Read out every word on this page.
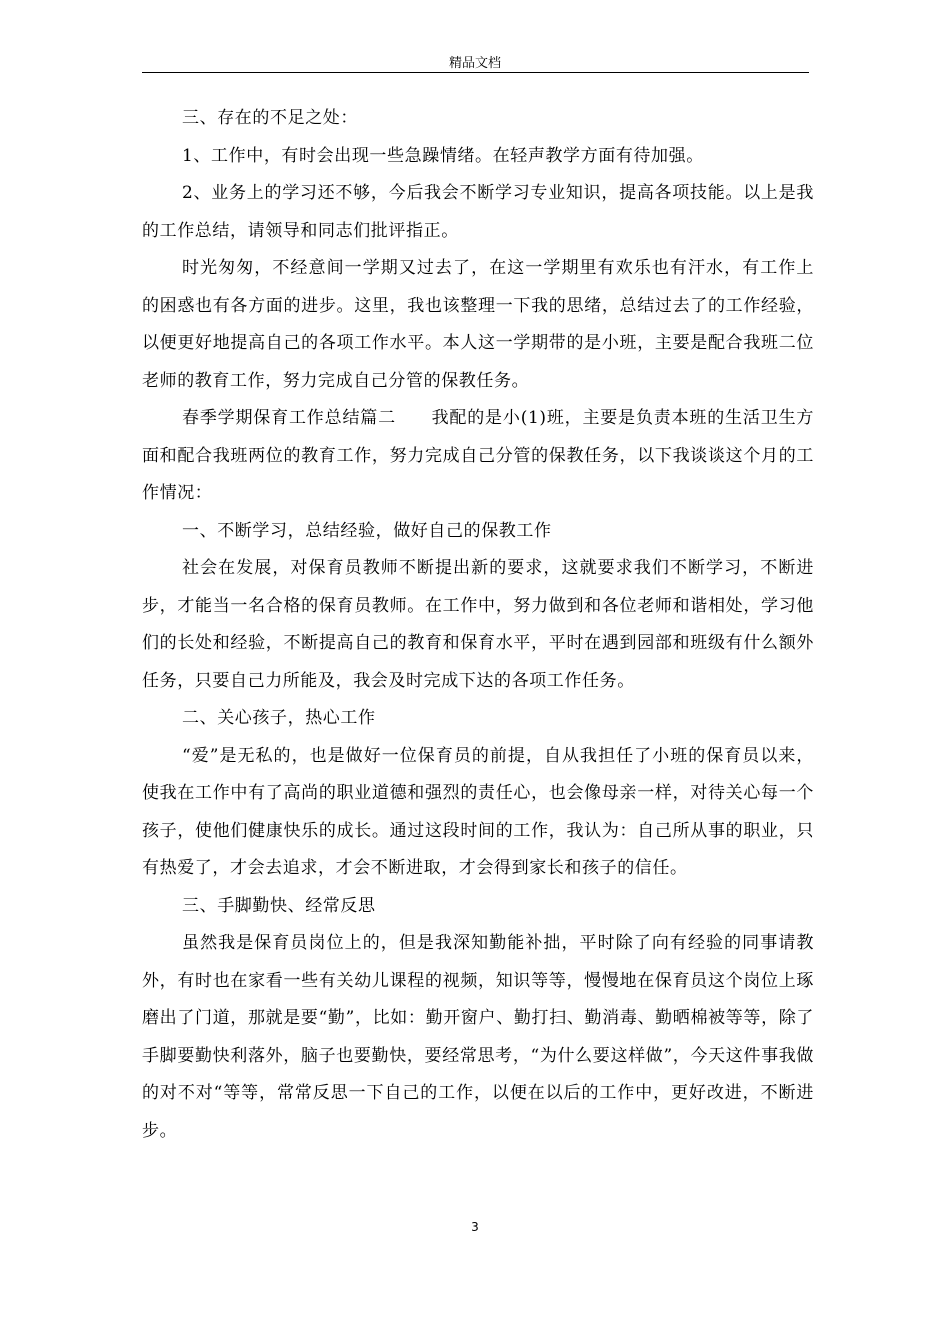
精品文档

三、存在的不足之处：

1、工作中，有时会出现一些急躁情绪。在轻声教学方面有待加强。

2、业务上的学习还不够，今后我会不断学习专业知识，提高各项技能。以上是我的工作总结，请领导和同志们批评指正。

时光匆匆，不经意间一学期又过去了，在这一学期里有欢乐也有汗水，有工作上的困惑也有各方面的进步。这里，我也该整理一下我的思绪，总结过去了的工作经验，以便更好地提高自己的各项工作水平。本人这一学期带的是小班，主要是配合我班二位老师的教育工作，努力完成自己分管的保教任务。

春季学期保育工作总结篇二　　我配的是小(1)班，主要是负责本班的生活卫生方面和配合我班两位的教育工作，努力完成自己分管的保教任务，以下我谈谈这个月的工作情况：

一、不断学习，总结经验，做好自己的保教工作

社会在发展，对保育员教师不断提出新的要求，这就要求我们不断学习，不断进步，才能当一名合格的保育员教师。在工作中，努力做到和各位老师和谐相处，学习他们的长处和经验，不断提高自己的教育和保育水平，平时在遇到园部和班级有什么额外任务，只要自己力所能及，我会及时完成下达的各项工作任务。

二、关心孩子，热心工作

“爱”是无私的，也是做好一位保育员的前提，自从我担任了小班的保育员以来，使我在工作中有了高尚的职业道德和强烈的责任心，也会像母亲一样，对待关心每一个孩子，使他们健康快乐的成长。通过这段时间的工作，我认为：自己所从事的职业，只有热爱了，才会去追求，才会不断进取，才会得到家长和孩子的信任。

三、手脚勤快、经常反思

虽然我是保育员岗位上的，但是我深知勤能补拙，平时除了向有经验的同事请教外，有时也在家看一些有关幼儿课程的视频，知识等等，慢慢地在保育员这个岗位上琢磨出了门道，那就是要“勤”，比如：勤开窗户、勤打扫、勤消毒、勤晒棉被等等，除了手脚要勤快利落外，脑子也要勤快，要经常思考，“为什么要这样做”，今天这件事我做的对不对“等等，常常反思一下自己的工作，以便在以后的工作中，更好改进，不断进步。

3
